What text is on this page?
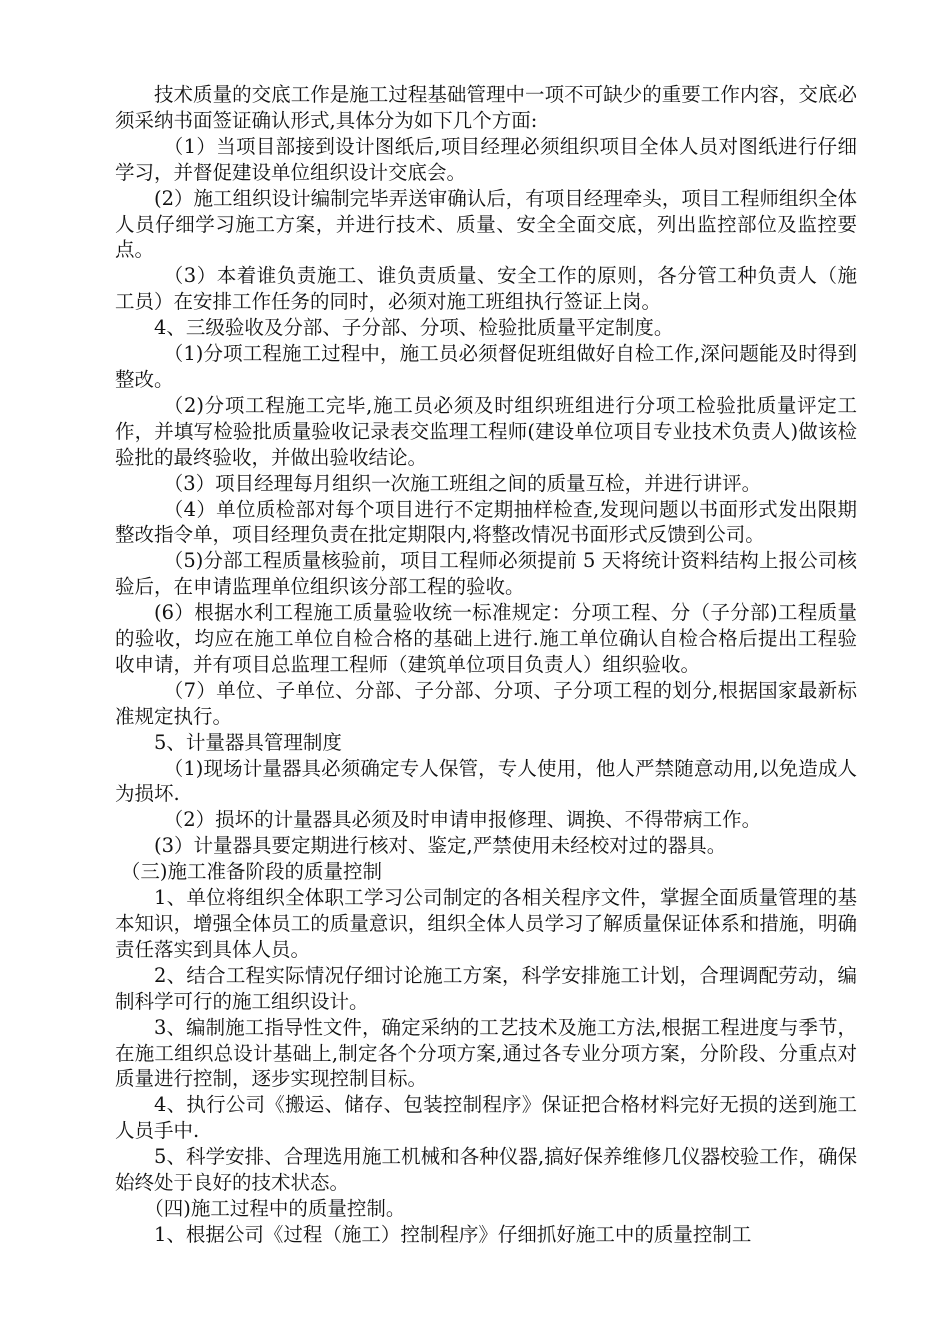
技术质量的交底工作是施工过程基础管理中一项不可缺少的重要工作内容，交底必须采纳书面签证确认形式,具体分为如下几个方面:

（1）当项目部接到设计图纸后,项目经理必须组织项目全体人员对图纸进行仔细学习，并督促建设单位组织设计交底会。

(2）施工组织设计编制完毕弄送审确认后，有项目经理牵头，项目工程师组织全体人员仔细学习施工方案，并进行技术、质量、安全全面交底，列出监控部位及监控要点。

（3）本着谁负责施工、谁负责质量、安全工作的原则，各分管工种负责人（施工员）在安排工作任务的同时，必须对施工班组执行签证上岗。

4、三级验收及分部、子分部、分项、检验批质量平定制度。

（1)分项工程施工过程中，施工员必须督促班组做好自检工作,深问题能及时得到整改。

（2)分项工程施工完毕,施工员必须及时组织班组进行分项工检验批质量评定工作，并填写检验批质量验收记录表交监理工程师(建设单位项目专业技术负责人)做该检验批的最终验收，并做出验收结论。

（3）项目经理每月组织一次施工班组之间的质量互检，并进行讲评。

（4）单位质检部对每个项目进行不定期抽样检查,发现问题以书面形式发出限期整改指令单，项目经理负责在批定期限内,将整改情况书面形式反馈到公司。

（5)分部工程质量核验前，项目工程师必须提前 5 天将统计资料结构上报公司核验后，在申请监理单位组织该分部工程的验收。

(6）根据水利工程施工质量验收统一标准规定：分项工程、分（子分部)工程质量的验收，均应在施工单位自检合格的基础上进行.施工单位确认自检合格后提出工程验收申请，并有项目总监理工程师（建筑单位项目负责人）组织验收。

（7）单位、子单位、分部、子分部、分项、子分项工程的划分,根据国家最新标准规定执行。

5、计量器具管理制度

（1)现场计量器具必须确定专人保管，专人使用，他人严禁随意动用,以免造成人为损坏.

（2）损坏的计量器具必须及时申请申报修理、调换、不得带病工作。

(3）计量器具要定期进行核对、鉴定,严禁使用未经校对过的器具。

（三)施工准备阶段的质量控制

1、单位将组织全体职工学习公司制定的各相关程序文件，掌握全面质量管理的基本知识，增强全体员工的质量意识，组织全体人员学习了解质量保证体系和措施，明确责任落实到具体人员。

2、结合工程实际情况仔细讨论施工方案，科学安排施工计划，合理调配劳动，编制科学可行的施工组织设计。

3、编制施工指导性文件，确定采纳的工艺技术及施工方法,根据工程进度与季节，在施工组织总设计基础上,制定各个分项方案,通过各专业分项方案，分阶段、分重点对质量进行控制，逐步实现控制目标。

4、执行公司《搬运、储存、包装控制程序》保证把合格材料完好无损的送到施工人员手中.

5、科学安排、合理选用施工机械和各种仪器,搞好保养维修几仪器校验工作，确保始终处于良好的技术状态。

（四)施工过程中的质量控制。

1、根据公司《过程（施工）控制程序》仔细抓好施工中的质量控制工
